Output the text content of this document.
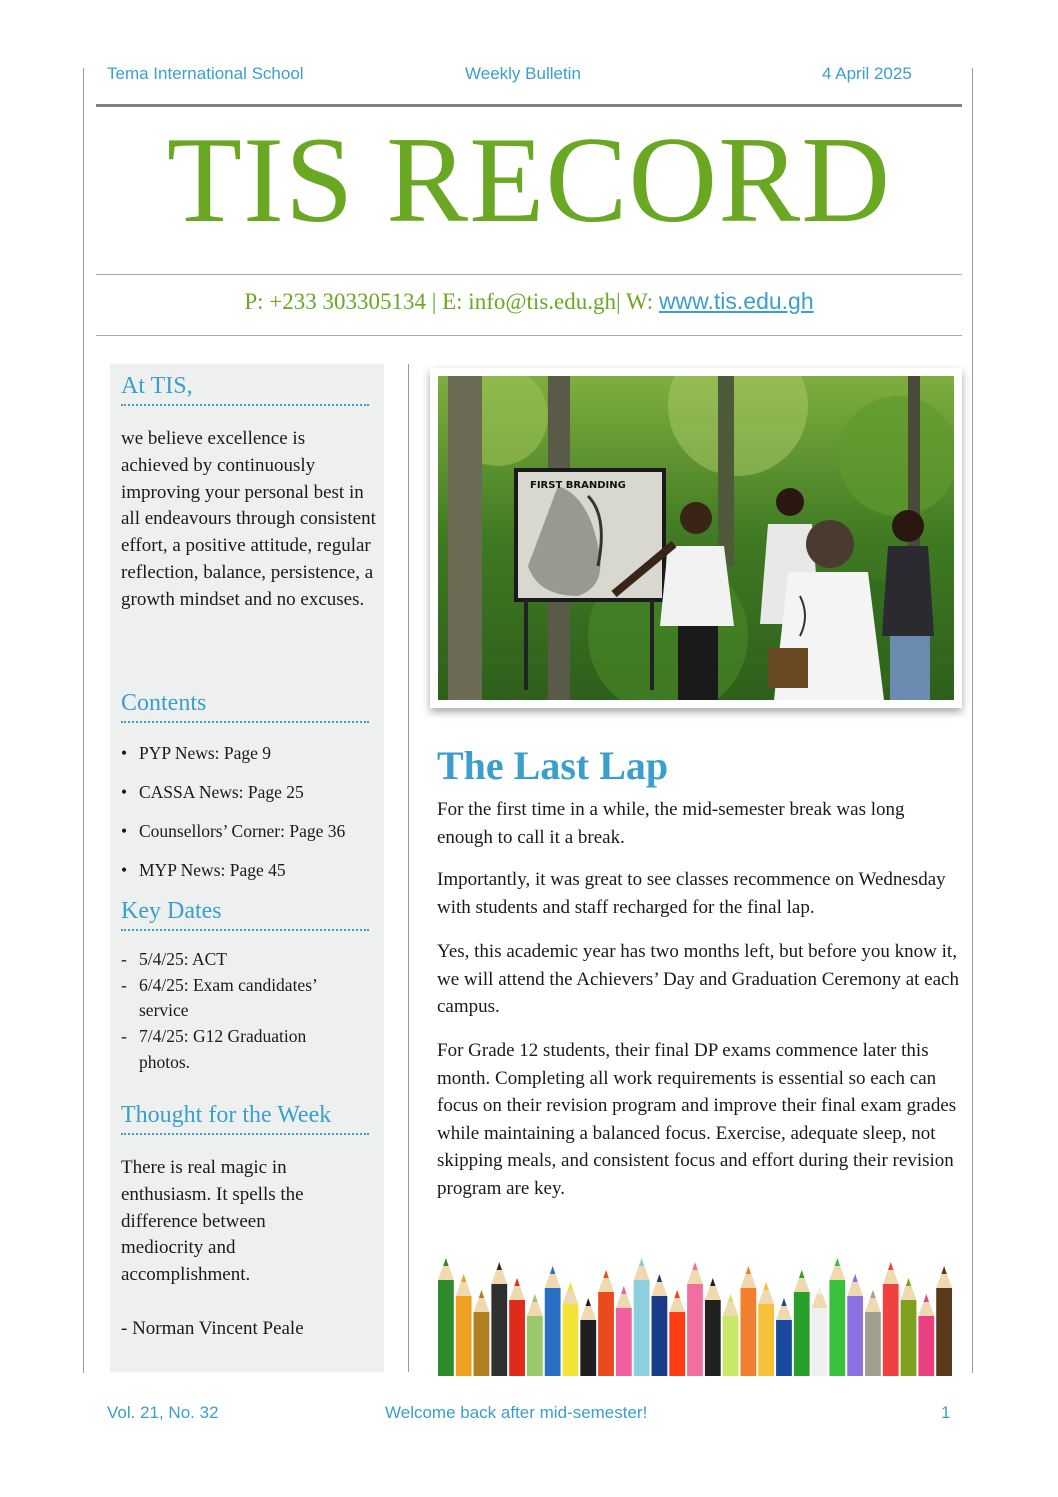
Tema International School	Weekly Bulletin	4 April 2025
TIS RECORD
P: +233 303305134 | E: info@tis.edu.gh| W: www.tis.edu.gh
At TIS,
we believe excellence is achieved by continuously improving your personal best in all endeavours through consistent effort, a positive attitude, regular reflection, balance, persistence, a growth mindset and no excuses.
Contents
• PYP News: Page 9
• CASSA News: Page 25
• Counsellors’ Corner: Page 36
• MYP News: Page 45
Key Dates
- 5/4/25: ACT
- 6/4/25: Exam candidates’ service
- 7/4/25: G12 Graduation photos.
Thought for the Week
There is real magic in enthusiasm. It spells the difference between mediocrity and accomplishment.
- Norman Vincent Peale
FIRST BRANDING
The Last Lap
For the first time in a while, the mid-semester break was long enough to call it a break.
Importantly, it was great to see classes recommence on Wednesday with students and staff recharged for the final lap.
Yes, this academic year has two months left, but before you know it, we will attend the Achievers’ Day and Graduation Ceremony at each campus.
For Grade 12 students, their final DP exams commence later this month. Completing all work requirements is essential so each can focus on their revision program and improve their final exam grades while maintaining a balanced focus. Exercise, adequate sleep, not skipping meals, and consistent focus and effort during their revision program are key.
Vol. 21, No. 32	Welcome back after mid-semester!	1
